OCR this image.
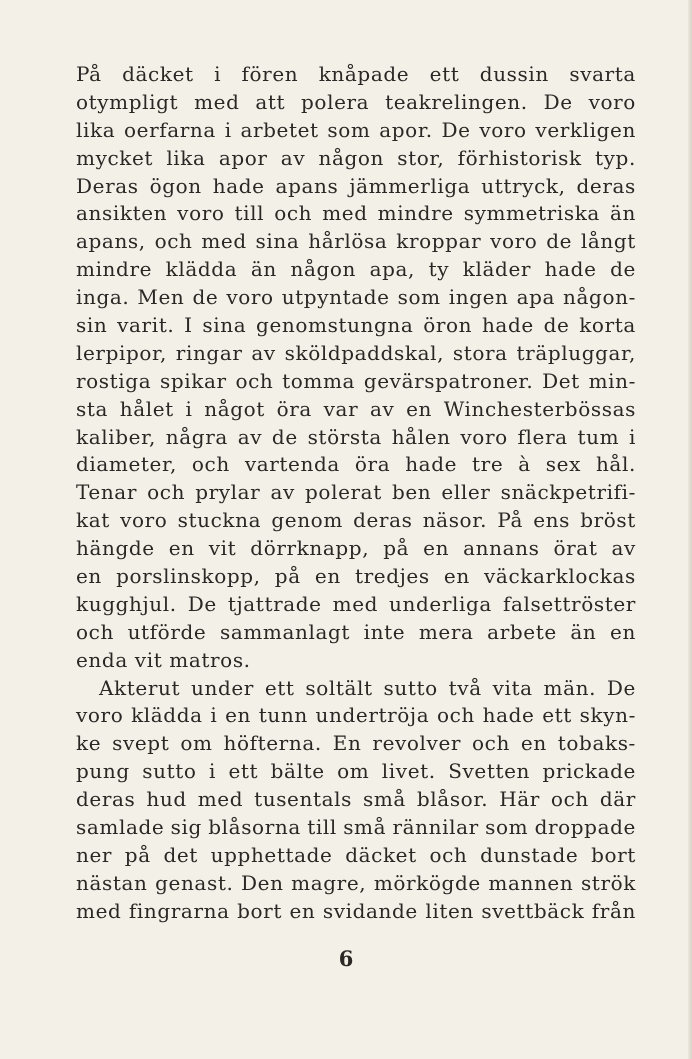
På däcket i fören knåpade ett dussin svarta
otympligt med att polera teakrelingen. De voro
lika oerfarna i arbetet som apor. De voro verkligen
mycket lika apor av någon stor, förhistorisk typ.
Deras ögon hade apans jämmerliga uttryck, deras
ansikten voro till och med mindre symmetriska än
apans, och med sina hårlösa kroppar voro de långt
mindre klädda än någon apa, ty kläder hade de
inga. Men de voro utpyntade som ingen apa någon-
sin varit. I sina genomstungna öron hade de korta
lerpipor, ringar av sköldpaddskal, stora träpluggar,
rostiga spikar och tomma gevärspatroner. Det min-
sta hålet i något öra var av en Winchesterbössas
kaliber, några av de största hålen voro flera tum i
diameter, och vartenda öra hade tre à sex hål.
Tenar och prylar av polerat ben eller snäckpetrifi-
kat voro stuckna genom deras näsor. På ens bröst
hängde en vit dörrknapp, på en annans örat av
en porslinskopp, på en tredjes en väckarklockas
kugghjul. De tjattrade med underliga falsettröster
och utförde sammanlagt inte mera arbete än en
enda vit matros.
Akterut under ett soltält sutto två vita män. De
voro klädda i en tunn undertröja och hade ett skyn-
ke svept om höfterna. En revolver och en tobaks-
pung sutto i ett bälte om livet. Svetten prickade
deras hud med tusentals små blåsor. Här och där
samlade sig blåsorna till små rännilar som droppade
ner på det upphettade däcket och dunstade bort
nästan genast. Den magre, mörkögde mannen strök
med fingrarna bort en svidande liten svettbäck från
6
